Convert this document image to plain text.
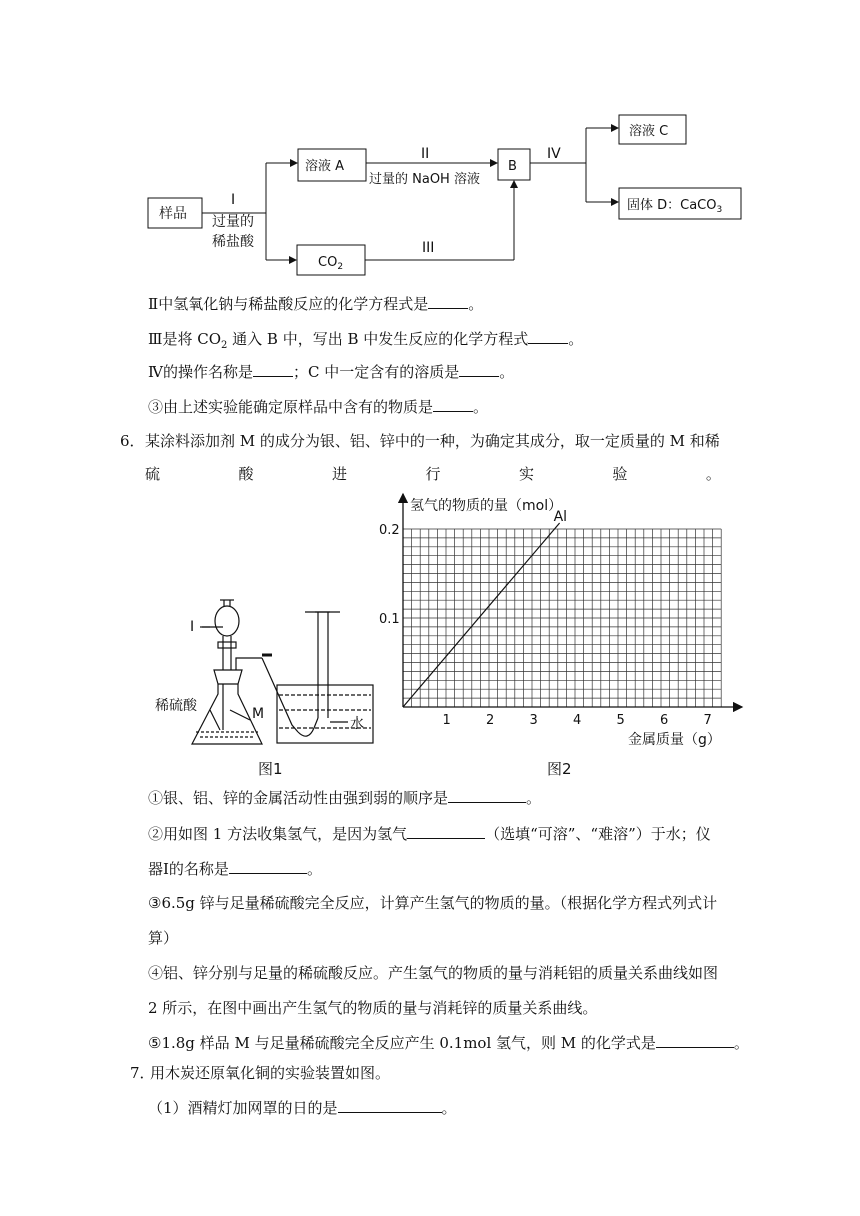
样品
I
过量的
稀盐酸
溶液 A
$CO_2$
II
过量的 NaOH 溶液
III
B
IV
溶液 C
固体 D：CaCO$_3$
Ⅱ中氢氧化钠与稀盐酸反应的化学方程式是	。
Ⅲ是将 $CO_2$ 通入 B 中，写出 B 中发生反应的化学方程式	。
Ⅳ的操作名称是	；C 中一定含有的溶质是	。
③由上述实验能确定原样品中含有的物质是	。
6． 某涂料添加剂 M 的成分为银、铝、锌中的一种，为确定其成分，取一定质量的 M 和稀
硫	酸	进	行	实	验	。
I
稀硫酸	M
水
图1
1	2	3	4	5	6	7
0.1
0.2
Al
氢气的物质的量（mol）
金属质量（g）
图2
①银、铝、锌的金属活动性由强到弱的顺序是	。
②用如图 1 方法收集氢气，是因为氢气	（选填“可溶”、“难溶”）于水；仪
器Ⅰ的名称是	。
③6.5g 锌与足量稀硫酸完全反应，计算产生氢气的物质的量。（根据化学方程式列式计
算）
④铝、锌分别与足量的稀硫酸反应。产生氢气的物质的量与消耗铝的质量关系曲线如图
2 所示，在图中画出产生氢气的物质的量与消耗锌的质量关系曲线。
⑤1.8g 样品 M 与足量稀硫酸完全反应产生 0.1mol 氢气，则 M 的化学式是	。
7．
用木炭还原氧化铜的实验装置如图。
（1）酒精灯加网罩的日的是	。
